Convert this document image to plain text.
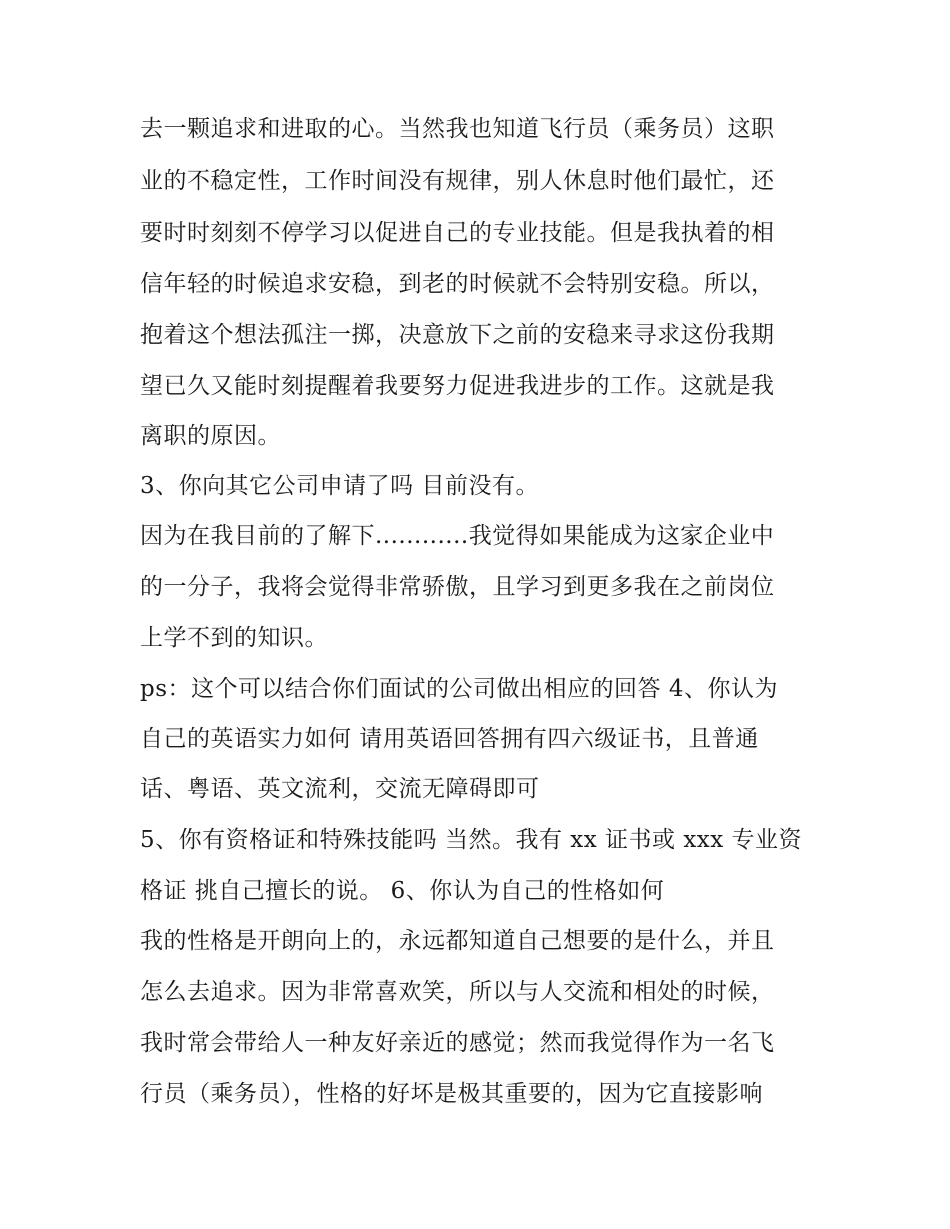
去一颗追求和进取的心。当然我也知道飞行员（乘务员）这职
业的不稳定性，工作时间没有规律，别人休息时他们最忙，还
要时时刻刻不停学习以促进自己的专业技能。但是我执着的相
信年轻的时候追求安稳，到老的时候就不会特别安稳。所以，
抱着这个想法孤注一掷，决意放下之前的安稳来寻求这份我期
望已久又能时刻提醒着我要努力促进我进步的工作。这就是我
离职的原因。
3、你向其它公司申请了吗 目前没有。
因为在我目前的了解下............我觉得如果能成为这家企业中
的一分子，我将会觉得非常骄傲，且学习到更多我在之前岗位
上学不到的知识。
ps：这个可以结合你们面试的公司做出相应的回答 4、你认为
自己的英语实力如何 请用英语回答拥有四六级证书，且普通
话、粤语、英文流利，交流无障碍即可
5、你有资格证和特殊技能吗 当然。我有 xx 证书或 xxx 专业资
格证 挑自己擅长的说。 6、你认为自己的性格如何
我的性格是开朗向上的，永远都知道自己想要的是什么，并且
怎么去追求。因为非常喜欢笑，所以与人交流和相处的时候，
我时常会带给人一种友好亲近的感觉；然而我觉得作为一名飞
行员（乘务员），性格的好坏是极其重要的，因为它直接影响
